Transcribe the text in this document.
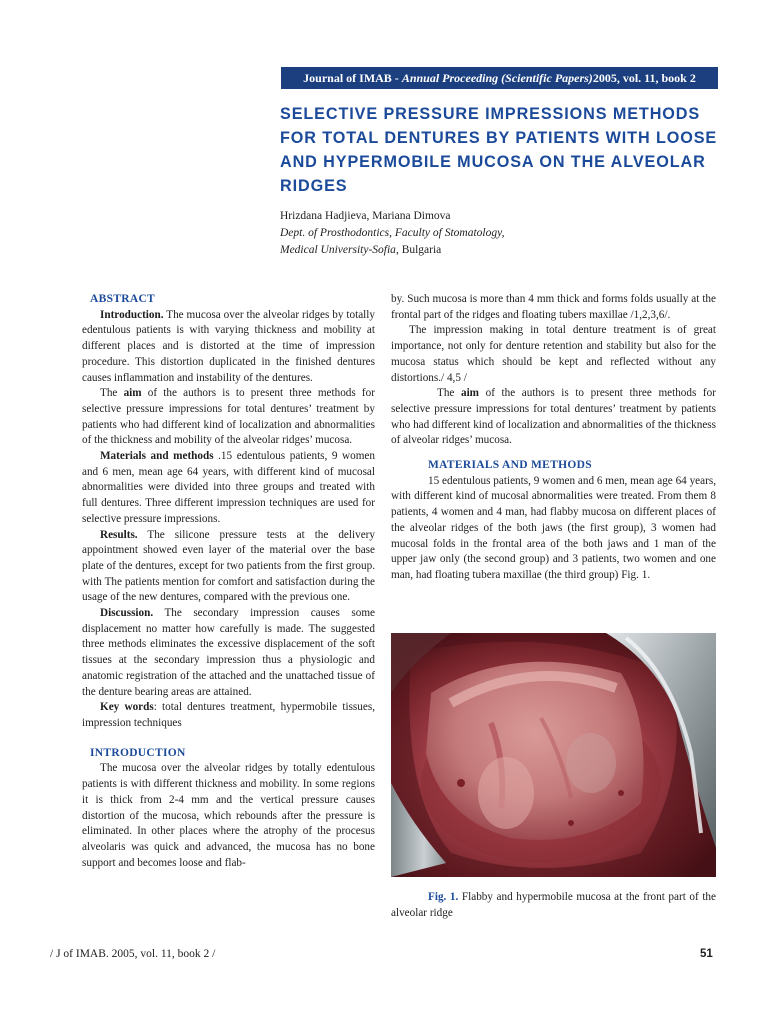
Journal of IMAB -
Annual Proceeding (Scientific Papers) 2005, vol. 11, book 2
SELECTIVE PRESSURE IMPRESSIONS METHODS
FOR TOTAL DENTURES BY PATIENTS WITH LOOSE
AND HYPERMOBILE MUCOSA ON THE ALVEOLAR
RIDGES
Hrizdana Hadjieva, Mariana Dimova
Dept. of Prosthodontics, Faculty of Stomatology,
Medical University-Sofia, Bulgaria
ABSTRACT

Introduction. The mucosa over the alveolar ridges by totally edentulous patients is with varying thickness and mobility at different places and is distorted at the time of impression procedure. This distortion duplicated in the finished dentures causes inflammation and instability of the dentures.

The aim of the authors is to present three methods for selective pressure impressions for total dentures’ treatment by patients who had different kind of localization and abnormalities of the thickness and mobility of the alveolar ridges’ mucosa.

Materials and methods .15 edentulous patients, 9 women and 6 men, mean age 64 years, with different kind of mucosal abnormalities were divided into three groups and treated with full dentures. Three different impression techniques are used for selective pressure impressions.

Results. The silicone pressure tests at the delivery appointment showed even layer of the material over the base plate of the dentures, except for two patients from the first group. with The patients mention for comfort and satisfaction during the usage of the new dentures, compared with the previous one.

Discussion. The secondary impression causes some displacement no matter how carefully is made. The suggested three methods eliminates the excessive displacement of the soft tissues at the secondary impression thus a physiologic and anatomic registration of the attached and the unattached tissue of the denture bearing areas are attained.

Key words: total dentures treatment, hypermobile tissues, impression techniques

INTRODUCTION

The mucosa over the alveolar ridges by totally edentulous patients is with different thickness and mobility. In some regions it is thick from 2-4 mm and the vertical pressure causes distortion of the mucosa, which rebounds after the pressure is eliminated. In other places where the atrophy of the procesus alveolaris was quick and advanced, the mucosa has no bone support and becomes loose and flab-

by. Such mucosa is more than 4 mm thick and forms folds usually at the frontal part of the ridges and floating tubers maxillae /1,2,3,6/.

The impression making in total denture treatment is of great importance, not only for denture retention and stability but also for the mucosa status which should be kept and reflected without any distortions./ 4,5 /

The aim of the authors is to present three methods for selective pressure impressions for total dentures’ treatment by patients who had different kind of localization and abnormalities of the thickness of alveolar ridges’ mucosa.

MATERIALS AND METHODS

15 edentulous patients, 9 women and 6 men, mean age 64 years, with different kind of mucosal abnormalities were treated. From them 8 patients, 4 women and 4 man, had flabby mucosa on different places of the alveolar ridges of the both jaws (the first group), 3 women had mucosal folds in the frontal area of the both jaws and 1 man of the upper jaw only (the second group) and 3 patients, two women and one man, had floating tubera maxillae (the third group) Fig. 1.

Fig. 1. Flabby and hypermobile mucosa at the front part of the alveolar ridge
/ J of IMAB. 2005, vol. 11, book 2 /	51
